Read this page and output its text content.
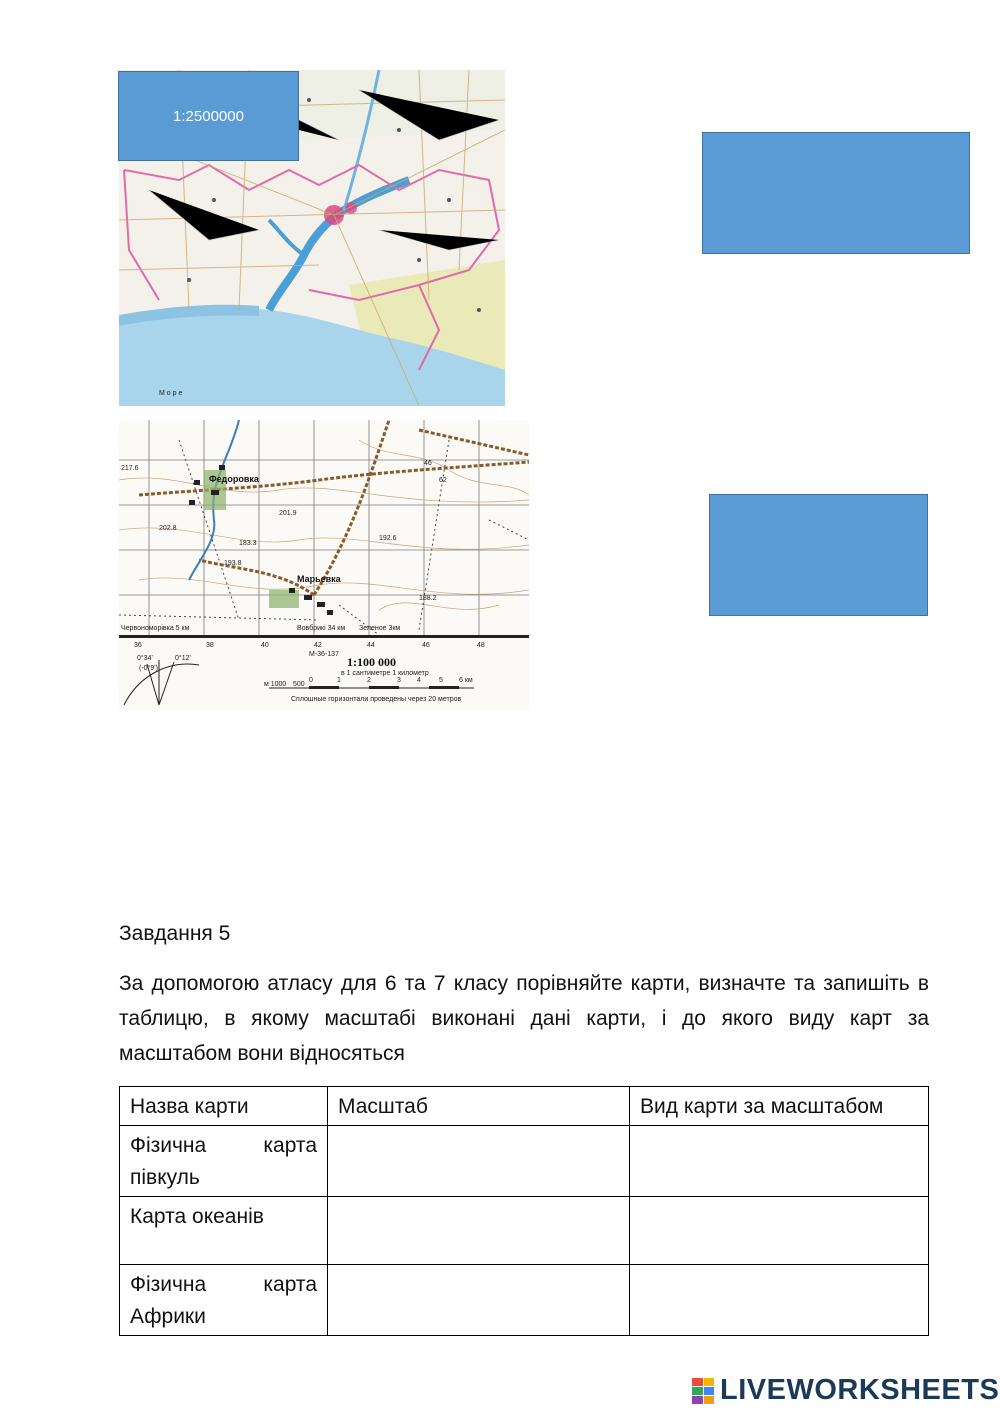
М о р е
1:2500000
Федоровка
Марьевка
217.6
202.8
193.8
183.3
201.9
192.6
188.2
46
62
Червономорівка 5 км	Вовбрикі 34 км Зеленое 3км
36	38	40	42	44	46	48
M-36-137
0°34'
(-0°9')
0°12'	1:100 000
в 1 сантиметре 1 километр
м 1000 500
0	1	2	3 4	5 6 км
Сплошные горизонтали проведены через 20 метров
Завдання 5
За допомогою атласу для 6 та 7 класу порівняйте карти, визначте та запишіть в таблицю, в якому масштабі виконані дані карти, і до якого виду карт за масштабом вони відносяться
Назва карти	Масштаб	Вид карти за масштабом
Фізична карта півкуль		
Карта океанів		
Фізична карта Африки		
LIVEWORKSHEETS
